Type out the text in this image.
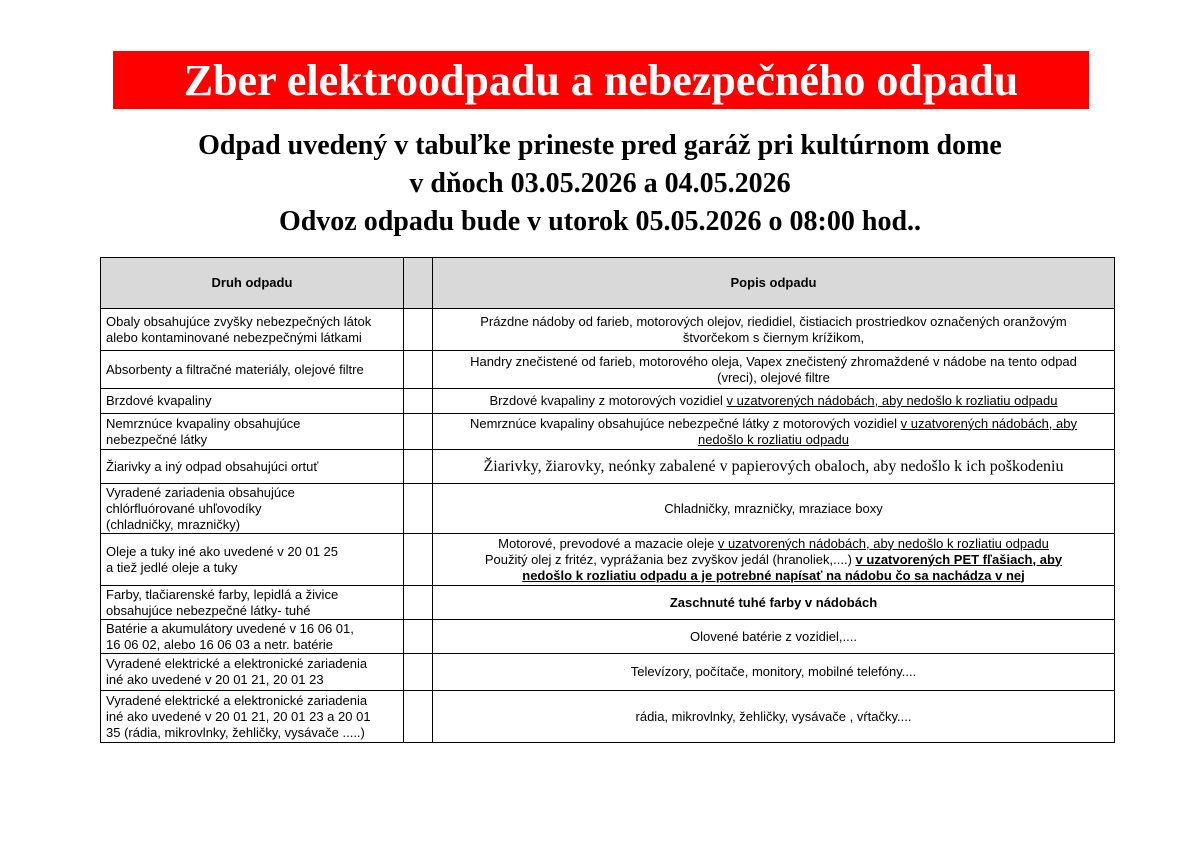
Zber elektroodpadu a nebezpečného odpadu
Odpad uvedený v tabuľke prineste pred garáž pri kultúrnom dome
v dňoch 03.05.2026 a 04.05.2026
Odvoz odpadu bude v utorok 05.05.2026 o 08:00 hod..
Druh odpadu		Popis odpadu
Obaly obsahujúce zvyšky nebezpečných látok
alebo kontaminované nebezpečnými látkami		Prázdne nádoby od farieb, motorových olejov, riedidiel, čistiacich prostriedkov označených oranžovým
štvorčekom s čiernym krížikom,
Absorbenty a filtračné materiály, olejové filtre		Handry znečistené od farieb, motorového oleja, Vapex znečistený zhromaždené v nádobe na tento odpad
(vreci), olejové filtre
Brzdové kvapaliny		Brzdové kvapaliny z motorových vozidiel v uzatvorených nádobách, aby nedošlo k rozliatiu odpadu
Nemrznúce kvapaliny obsahujúce
nebezpečné látky		Nemrznúce kvapaliny obsahujúce nebezpečné látky z motorových vozidiel v uzatvorených nádobách, aby
nedošlo k rozliatiu odpadu
Žiarivky a iný odpad obsahujúci ortuť		Žiarivky, žiarovky, neónky zabalené v papierových obaloch, aby nedošlo k ich poškodeniu
Vyradené zariadenia obsahujúce
chlórfluórované uhľovodíky
(chladničky, mrazničky)		Chladničky, mrazničky, mraziace boxy
Oleje a tuky iné ako uvedené v 20 01 25
a tiež jedlé oleje a tuky		Motorové, prevodové a mazacie oleje v uzatvorených nádobách, aby nedošlo k rozliatiu odpadu
Použitý olej z fritéz, vyprážania bez zvyškov jedál (hranoliek,....) v uzatvorených PET fľašiach, aby
nedošlo k rozliatiu odpadu a je potrebné napísať na nádobu čo sa nachádza v nej
Farby, tlačiarenské farby, lepidlá a živice
obsahujúce nebezpečné látky- tuhé		Zaschnuté tuhé farby v nádobách
Batérie a akumulátory uvedené v 16 06 01,
16 06 02, alebo 16 06 03 a netr. batérie		Olovené batérie z vozidiel,....
Vyradené elektrické a elektronické zariadenia
iné ako uvedené v 20 01 21, 20 01 23		Televízory, počítače, monitory, mobilné telefóny....
Vyradené elektrické a elektronické zariadenia
iné ako uvedené v 20 01 21, 20 01 23 a 20 01
35 (rádia, mikrovlnky, žehličky, vysávače .....)		rádia, mikrovlnky, žehličky, vysávače , vŕtačky....
